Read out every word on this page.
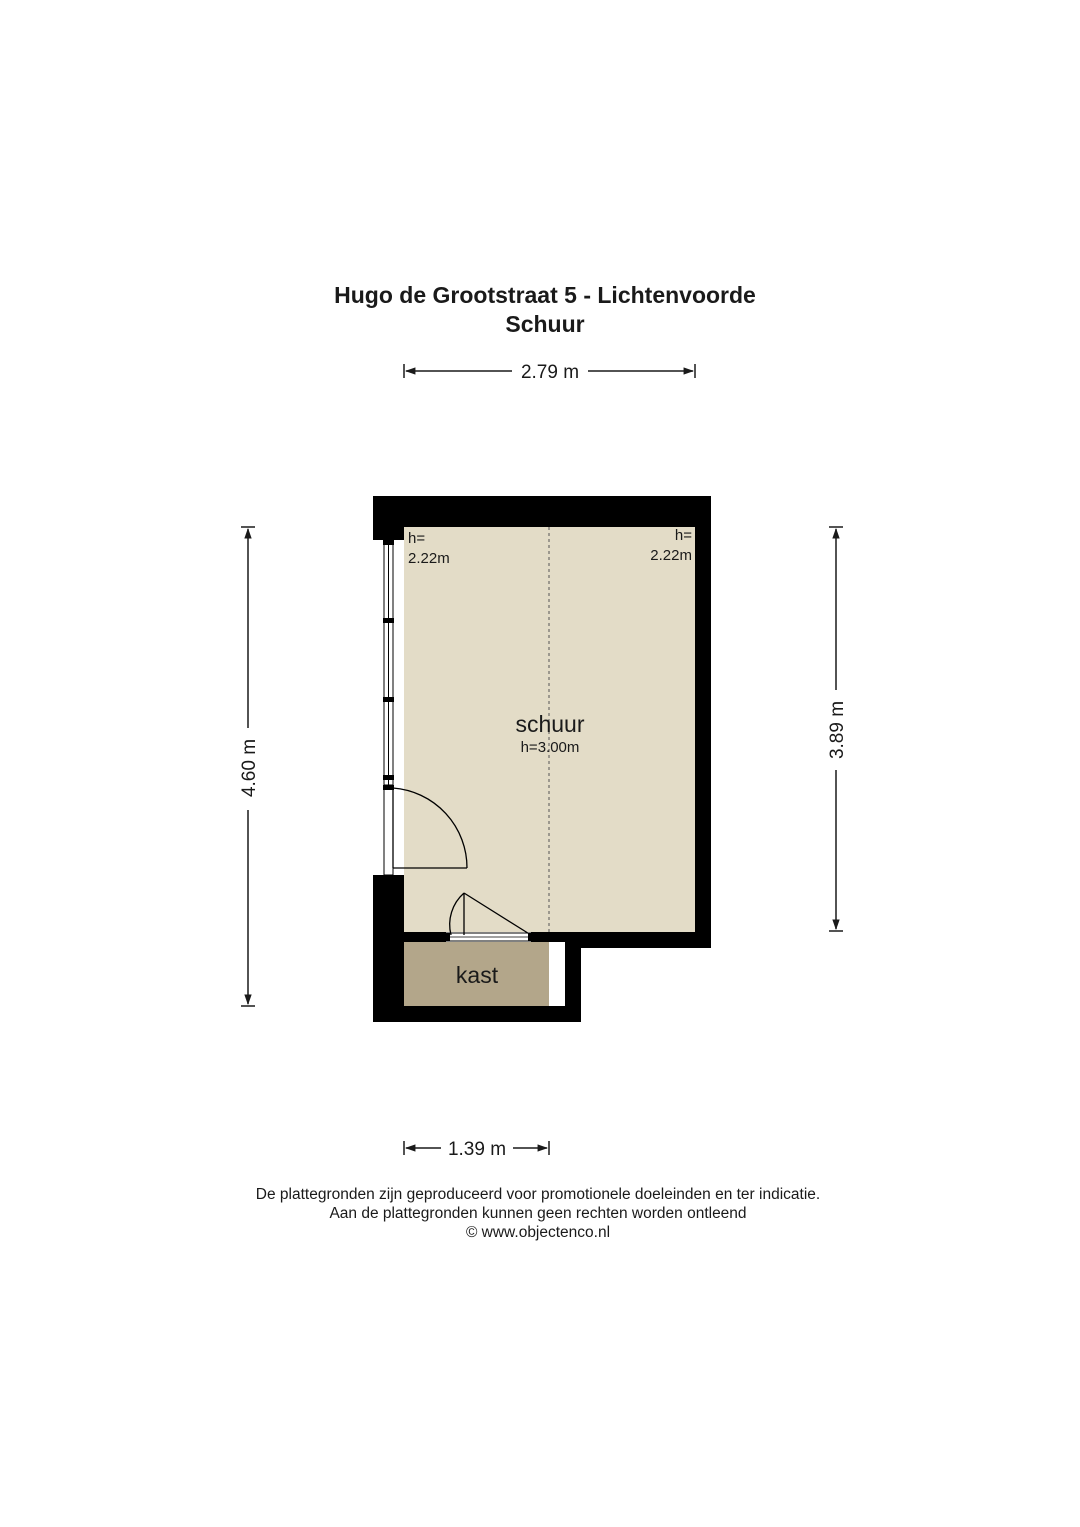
Hugo de Grootstraat 5 - Lichtenvoorde
Schuur
2.79 m
4.60 m
3.89 m
1.39 m
h=
2.22m
h=
2.22m
schuur
h=3.00m
kast
De plattegronden zijn geproduceerd voor promotionele doeleinden en ter indicatie.
Aan de plattegronden kunnen geen rechten worden ontleend
© www.objectenco.nl
